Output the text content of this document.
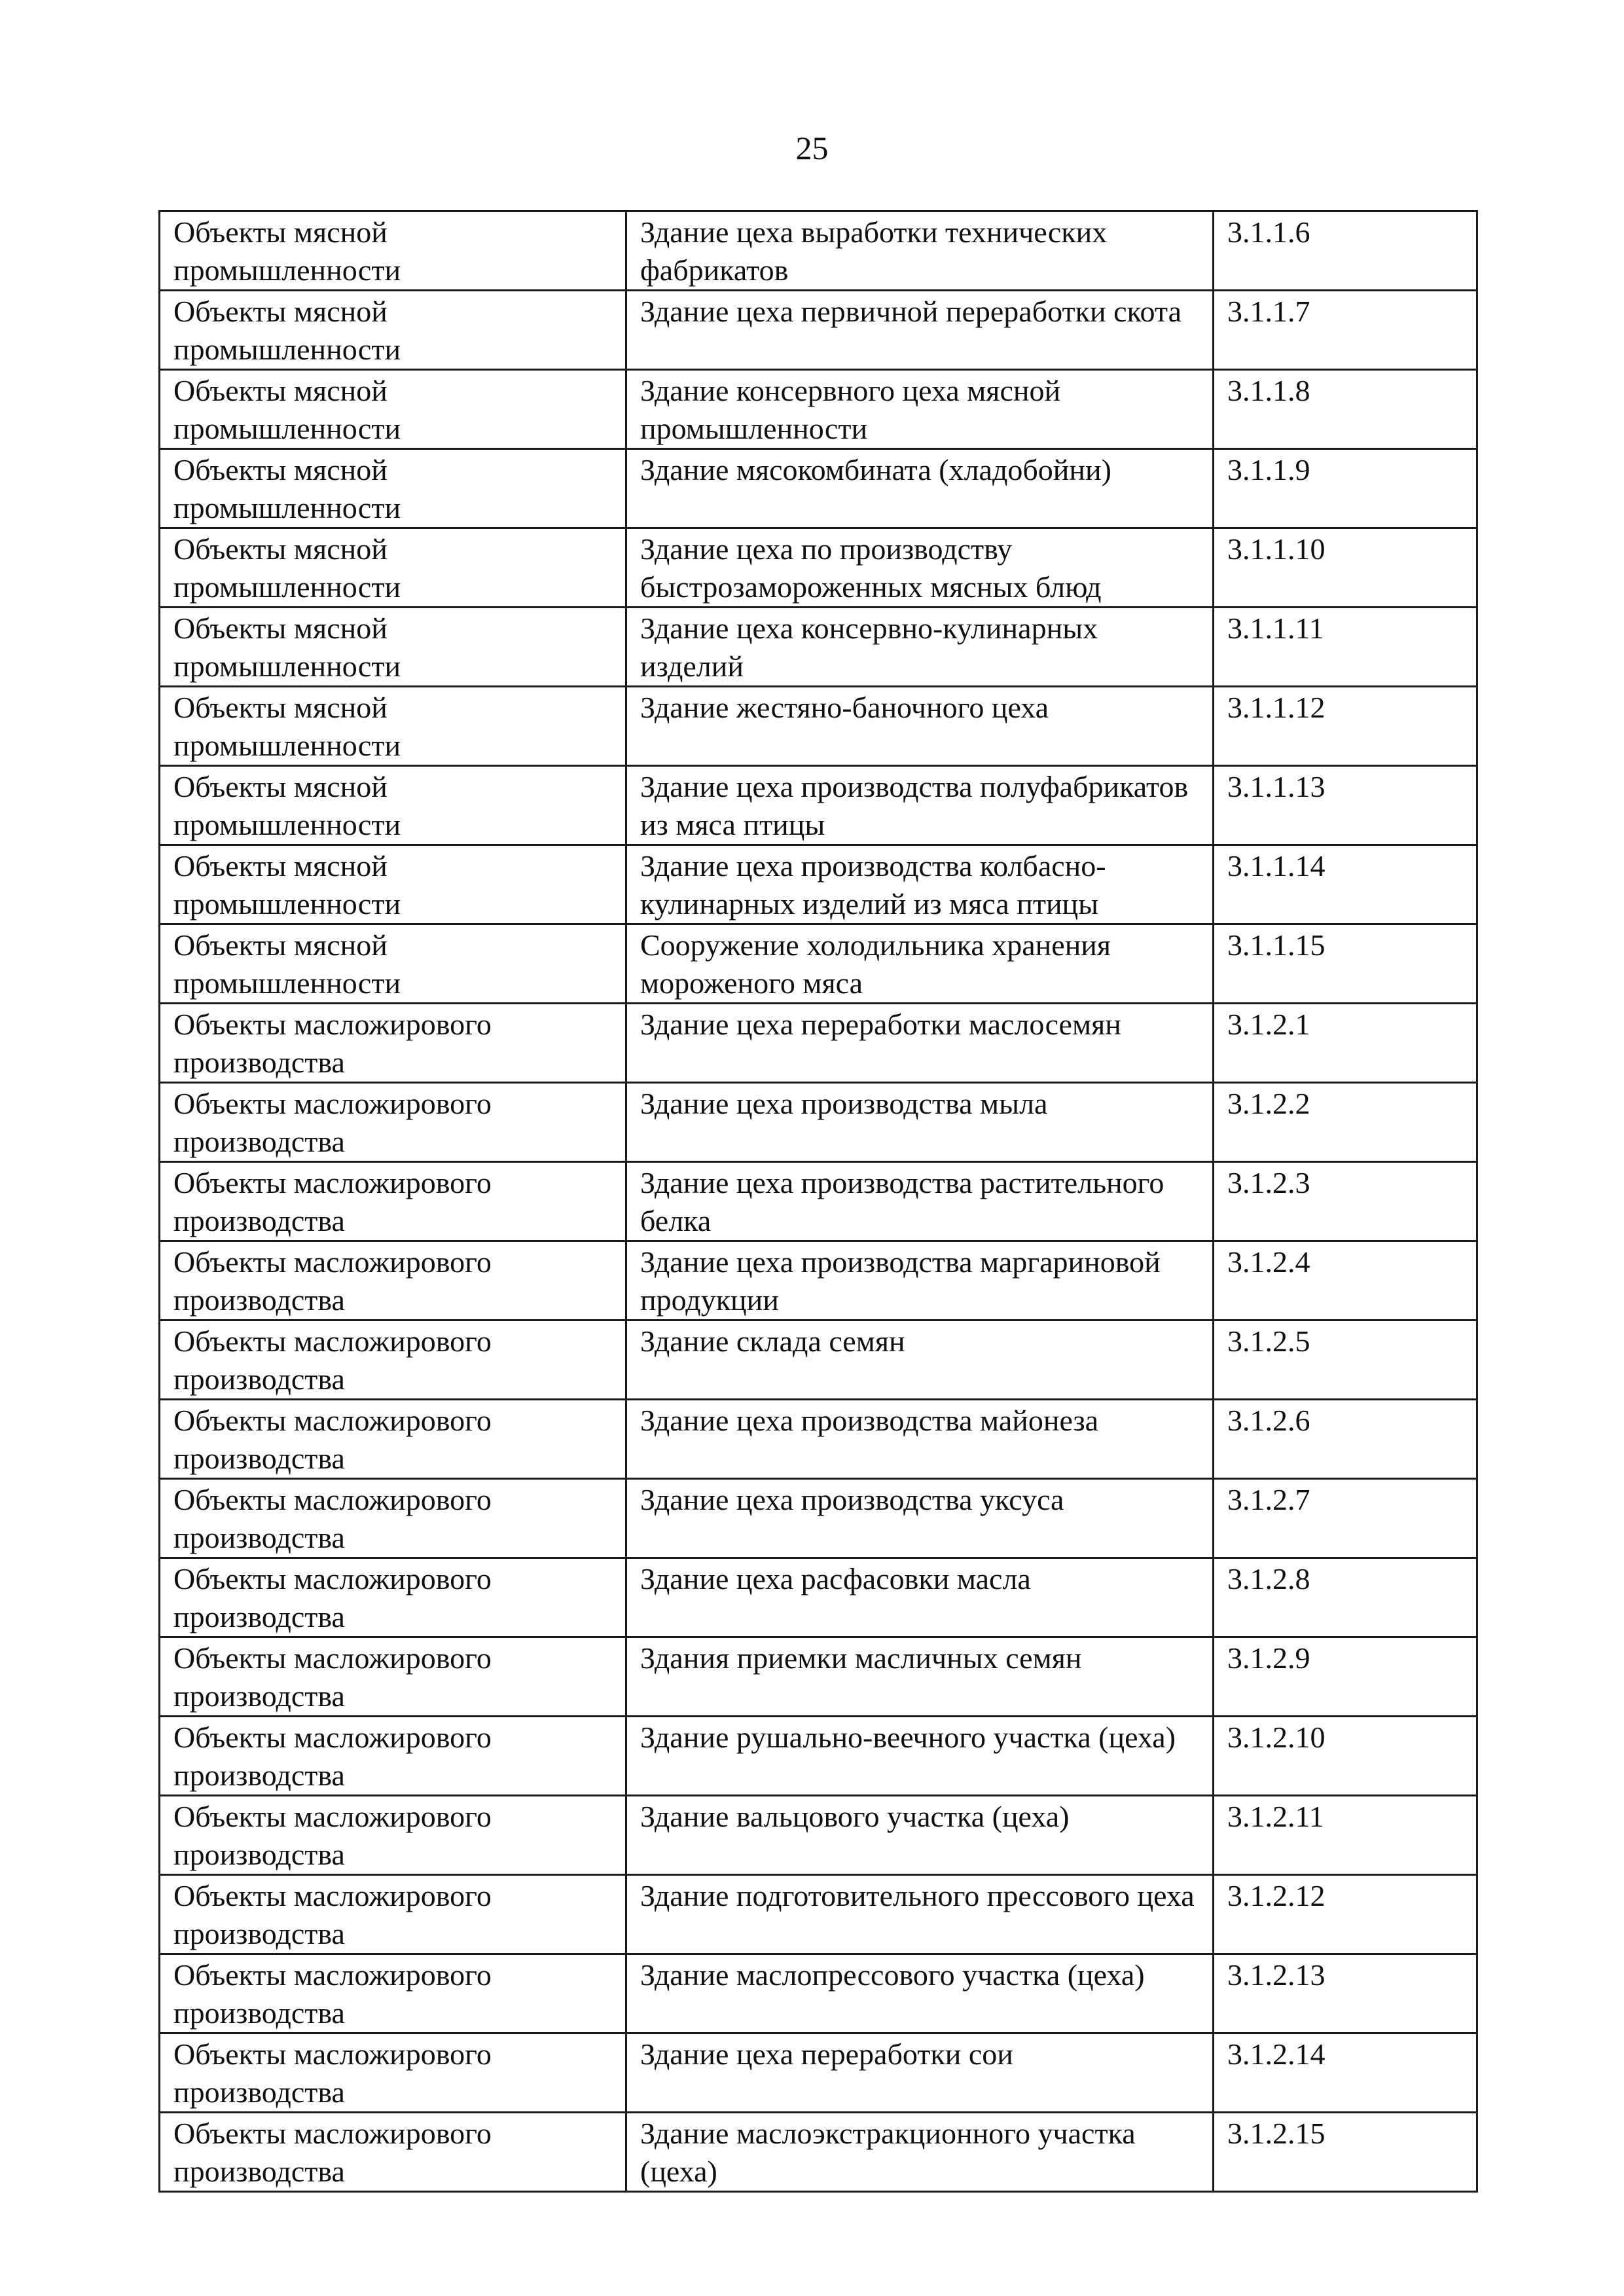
25
Объекты мясной промышленности	Здание цеха выработки технических фабрикатов	3.1.1.6
Объекты мясной промышленности	Здание цеха первичной переработки скота	3.1.1.7
Объекты мясной промышленности	Здание консервного цеха мясной промышленности	3.1.1.8
Объекты мясной промышленности	Здание мясокомбината (хладобойни)	3.1.1.9
Объекты мясной промышленности	Здание цеха по производству быстрозамороженных мясных блюд	3.1.1.10
Объекты мясной промышленности	Здание цеха консервно-кулинарных изделий	3.1.1.11
Объекты мясной промышленности	Здание жестяно-баночного цеха	3.1.1.12
Объекты мясной промышленности	Здание цеха производства полуфабрикатов из мяса птицы	3.1.1.13
Объекты мясной промышленности	Здание цеха производства колбасно-кулинарных изделий из мяса птицы	3.1.1.14
Объекты мясной промышленности	Сооружение холодильника хранения мороженого мяса	3.1.1.15
Объекты масложирового производства	Здание цеха переработки маслосемян	3.1.2.1
Объекты масложирового производства	Здание цеха производства мыла	3.1.2.2
Объекты масложирового производства	Здание цеха производства растительного белка	3.1.2.3
Объекты масложирового производства	Здание цеха производства маргариновой продукции	3.1.2.4
Объекты масложирового производства	Здание склада семян	3.1.2.5
Объекты масложирового производства	Здание цеха производства майонеза	3.1.2.6
Объекты масложирового производства	Здание цеха производства уксуса	3.1.2.7
Объекты масложирового производства	Здание цеха расфасовки масла	3.1.2.8
Объекты масложирового производства	Здания приемки масличных семян	3.1.2.9
Объекты масложирового производства	Здание рушально-веечного участка (цеха)	3.1.2.10
Объекты масложирового производства	Здание вальцового участка (цеха)	3.1.2.11
Объекты масложирового производства	Здание подготовительного прессового цеха	3.1.2.12
Объекты масложирового производства	Здание маслопрессового участка (цеха)	3.1.2.13
Объекты масложирового производства	Здание цеха переработки сои	3.1.2.14
Объекты масложирового производства	Здание маслоэкстракционного участка (цеха)	3.1.2.15
